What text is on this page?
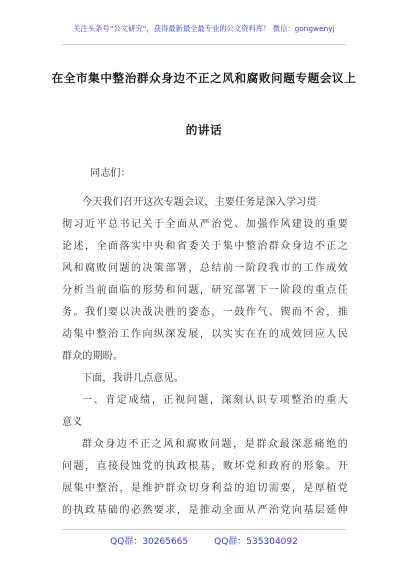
关注头条号“公文研究”，获得最新最全最专业的公文资料库！ 微信：gongwenyj
在全市集中整治群众身边不正之风和腐败问题专题会议上
的讲话
同志们：
今天我们召开这次专题会议，主要任务是深入学习贯
彻习近平总书记关于全面从严治党、加强作风建设的重要
论述，全面落实中央和省委关于集中整治群众身边不正之
风和腐败问题的决策部署，总结前一阶段我市的工作成效
分析当前面临的形势和问题，研究部署下一阶段的重点任
务。我们要以决战决胜的姿态，一鼓作气、锲而不舍，推
动集中整治工作向纵深发展，以实实在在的成效回应人民
群众的期盼。
下面，我讲几点意见。
一、肯定成绩，正视问题，深刻认识专项整治的重大
意义
群众身边不正之风和腐败问题，是群众最深恶痛绝的
问题，直接侵蚀党的执政根基，败坏党和政府的形象。开
展集中整治，是维护群众切身利益的迫切需要，是厚植党
的执政基础的必然要求，是推动全面从严治党向基层延伸
QQ群：30265665	QQ群：535304092
